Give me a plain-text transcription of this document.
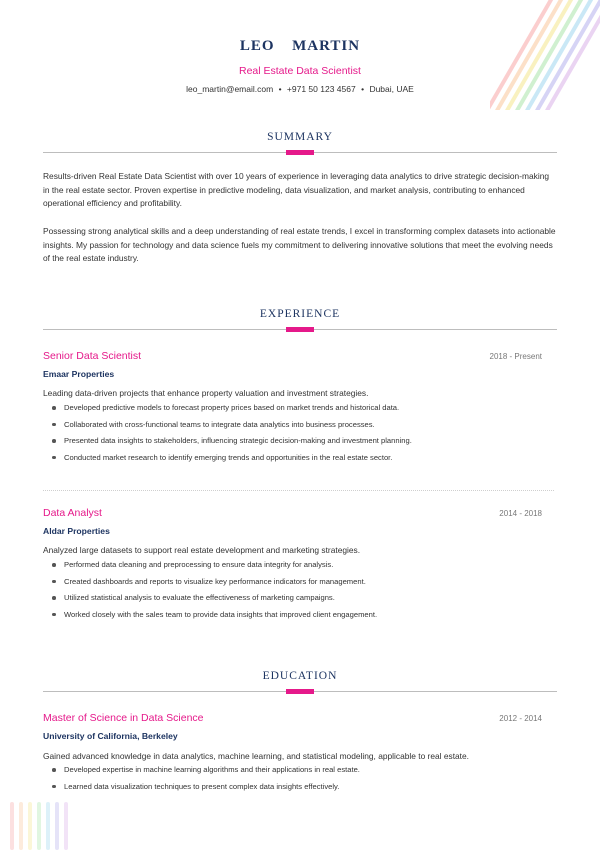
LEO  MARTIN
Real Estate Data Scientist
leo_martin@email.com • +971 50 123 4567 • Dubai, UAE
SUMMARY

Results-driven Real Estate Data Scientist with over 10 years of experience in leveraging data analytics to drive strategic decision-making in the real estate sector. Proven expertise in predictive modeling, data visualization, and market analysis, contributing to enhanced operational efficiency and profitability.

Possessing strong analytical skills and a deep understanding of real estate trends, I excel in transforming complex datasets into actionable insights. My passion for technology and data science fuels my commitment to delivering innovative solutions that meet the evolving needs of the real estate industry.

EXPERIENCE
Senior Data Scientist	2018 - Present
Emaar Properties
Leading data-driven projects that enhance property valuation and investment strategies.
Developed predictive models to forecast property prices based on market trends and historical data.
Collaborated with cross-functional teams to integrate data analytics into business processes.
Presented data insights to stakeholders, influencing strategic decision-making and investment planning.
Conducted market research to identify emerging trends and opportunities in the real estate sector.
Data Analyst	2014 - 2018
Aldar Properties
Analyzed large datasets to support real estate development and marketing strategies.
Performed data cleaning and preprocessing to ensure data integrity for analysis.
Created dashboards and reports to visualize key performance indicators for management.
Utilized statistical analysis to evaluate the effectiveness of marketing campaigns.
Worked closely with the sales team to provide data insights that improved client engagement.
EDUCATION
Master of Science in Data Science	2012 - 2014
University of California, Berkeley
Gained advanced knowledge in data analytics, machine learning, and statistical modeling, applicable to real estate.
Developed expertise in machine learning algorithms and their applications in real estate.
Learned data visualization techniques to present complex data insights effectively.
